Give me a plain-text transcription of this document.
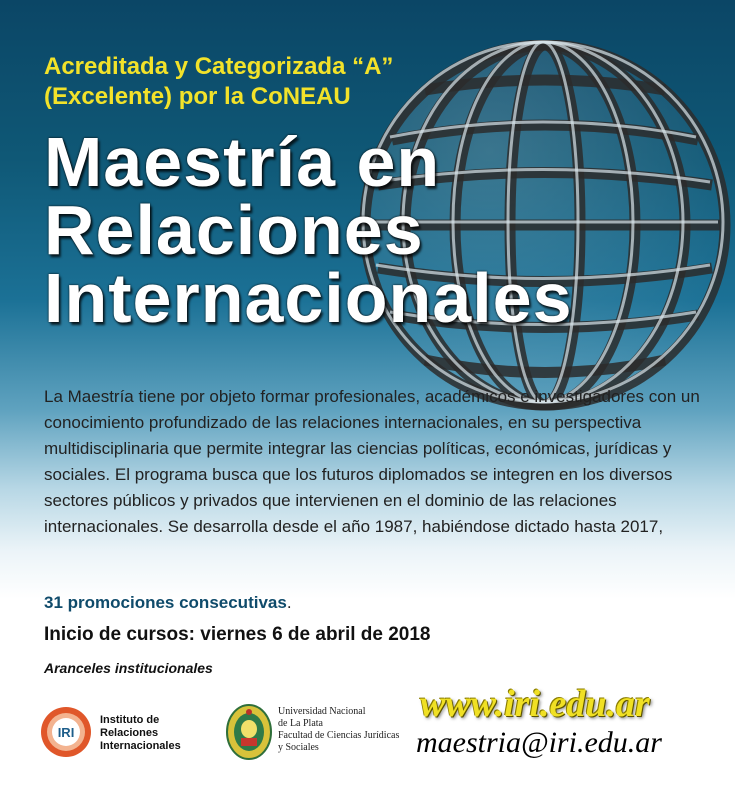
Acreditada y Categorizada “A”
(Excelente) por la CoNEAU

Maestría en
Relaciones
Internacionales

La Maestría tiene por objeto formar profesionales, académicos e investigadores con un conocimiento profundizado de las relaciones internacionales, en su perspectiva multidisciplinaria que permite integrar las ciencias políticas, económicas, jurídicas y sociales. El programa busca que los futuros diplomados se integren en los diversos sectores públicos y privados que intervienen en el dominio de las relaciones internacionales. Se desarrolla desde el año 1987, habiéndose dictado hasta 2017,

31 promociones consecutivas.

Inicio de cursos: viernes 6 de abril de 2018

Aranceles institucionales

IRI

Instituto de
Relaciones
Internacionales

Universidad Nacional
de La Plata
Facultad de Ciencias Jurídicas
y Sociales

www.iri.edu.ar

maestria@iri.edu.ar
